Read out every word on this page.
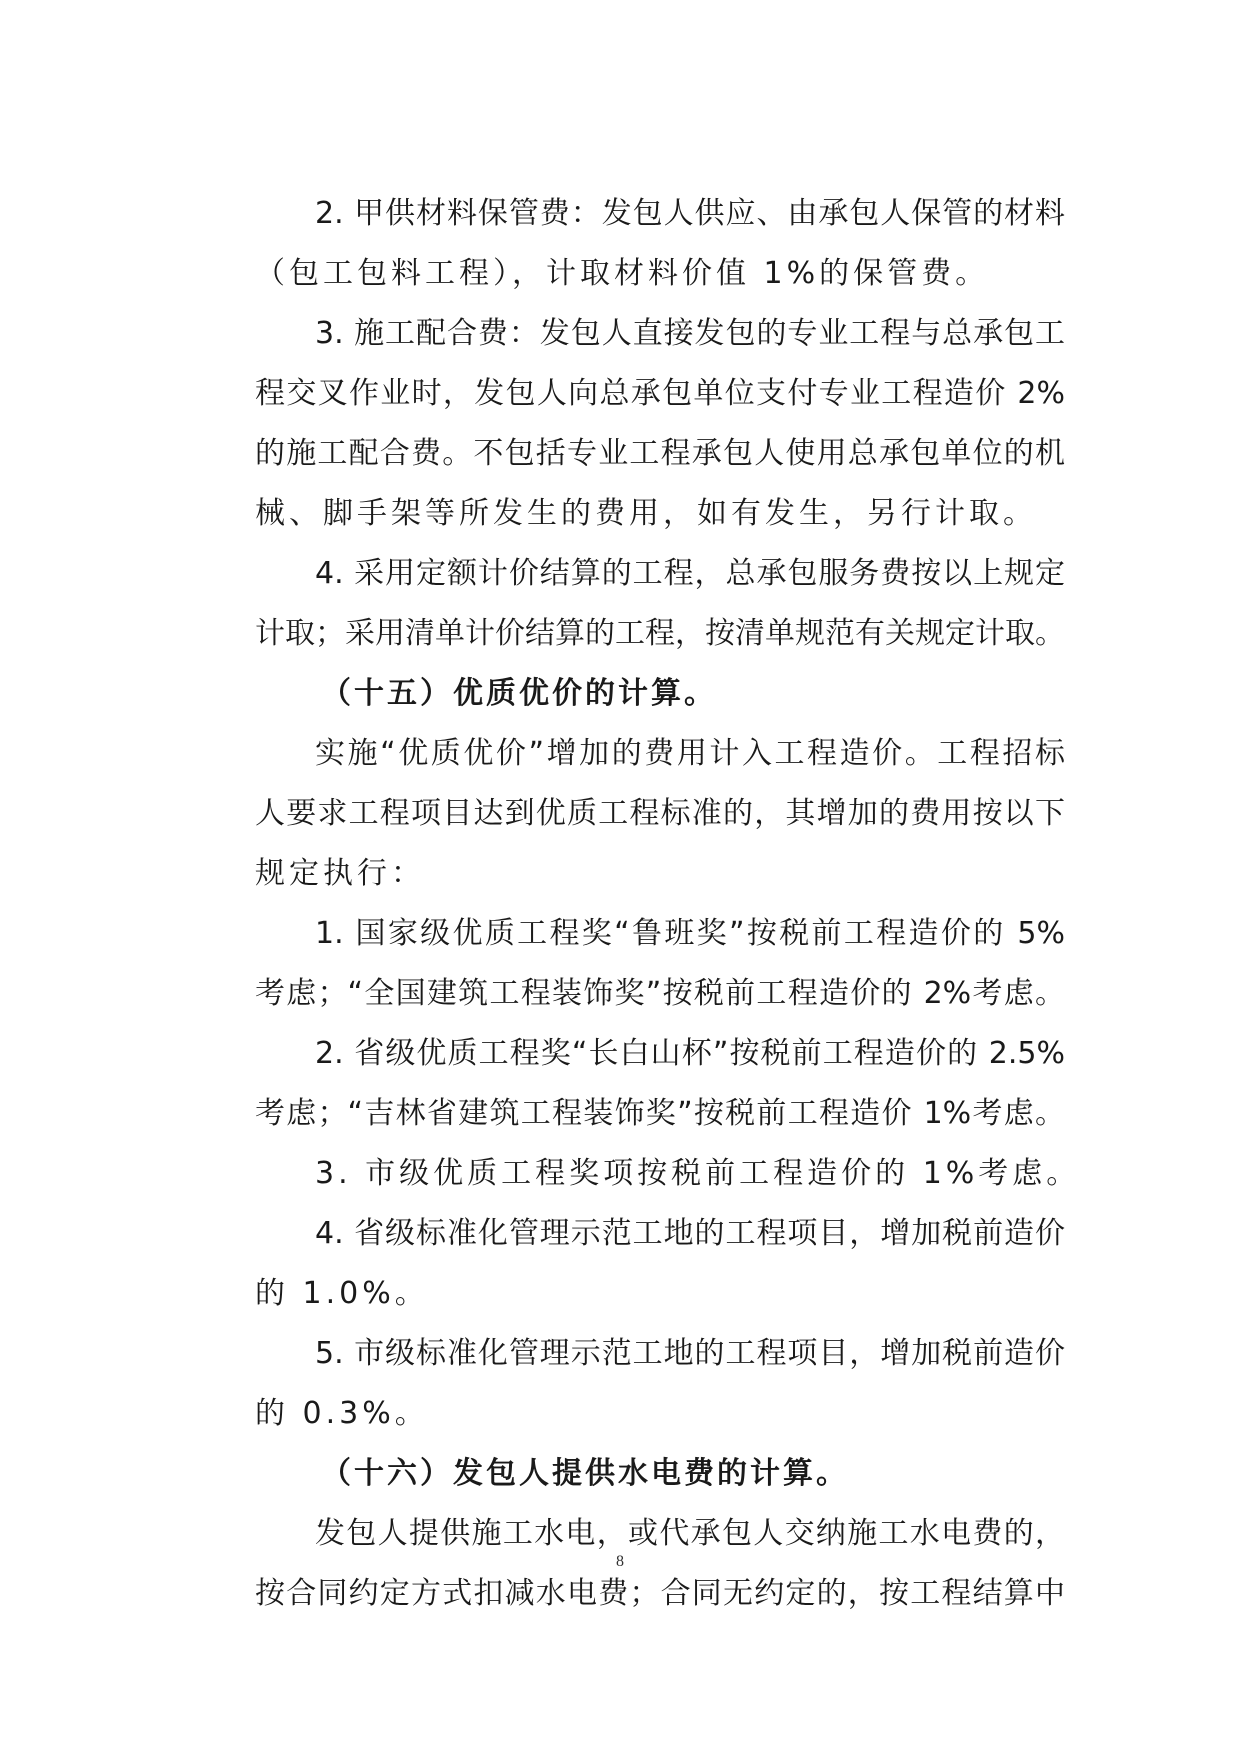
2. 甲供材料保管费：发包人供应、由承包人保管的材料
（包工包料工程），计取材料价值 1%的保管费。
3. 施工配合费：发包人直接发包的专业工程与总承包工
程交叉作业时，发包人向总承包单位支付专业工程造价 2%
的施工配合费。不包括专业工程承包人使用总承包单位的机
械、脚手架等所发生的费用，如有发生，另行计取。
4. 采用定额计价结算的工程，总承包服务费按以上规定
计取；采用清单计价结算的工程，按清单规范有关规定计取。
（十五）优质优价的计算。
实施“优质优价”增加的费用计入工程造价。工程招标
人要求工程项目达到优质工程标准的，其增加的费用按以下
规定执行：
1. 国家级优质工程奖“鲁班奖”按税前工程造价的 5%
考虑；“全国建筑工程装饰奖”按税前工程造价的 2%考虑。
2. 省级优质工程奖“长白山杯”按税前工程造价的 2.5%
考虑；“吉林省建筑工程装饰奖”按税前工程造价 1%考虑。
3. 市级优质工程奖项按税前工程造价的 1%考虑。
4. 省级标准化管理示范工地的工程项目，增加税前造价
的 1.0%。
5. 市级标准化管理示范工地的工程项目，增加税前造价
的 0.3%。
（十六）发包人提供水电费的计算。
发包人提供施工水电，或代承包人交纳施工水电费的，
按合同约定方式扣减水电费；合同无约定的，按工程结算中
8
